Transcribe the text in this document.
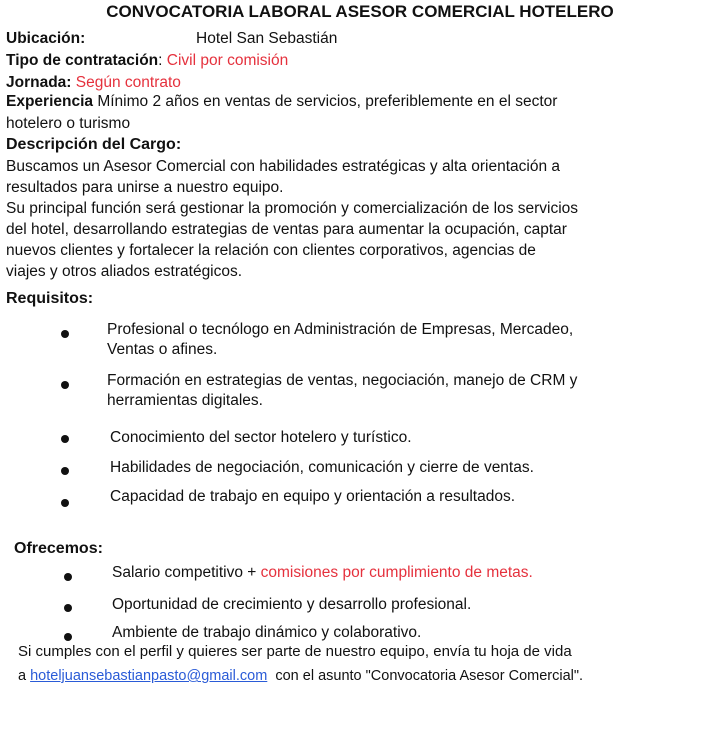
CONVOCATORIA LABORAL ASESOR COMERCIAL HOTELERO
Ubicación:	Hotel San Sebastián
Tipo de contratación: Civil por comisión
Jornada: Según contrato
Experiencia Mínimo 2 años en ventas de servicios, preferiblemente en el sector
hotelero o turismo
Descripción del Cargo:
Buscamos un Asesor Comercial con habilidades estratégicas y alta orientación a
resultados para unirse a nuestro equipo.
Su principal función será gestionar la promoción y comercialización de los servicios
del hotel, desarrollando estrategias de ventas para aumentar la ocupación, captar
nuevos clientes y fortalecer la relación con clientes corporativos, agencias de
viajes y otros aliados estratégicos.
Requisitos:
Profesional o tecnólogo en Administración de Empresas, Mercadeo,
Ventas o afines.
Formación en estrategias de ventas, negociación, manejo de CRM y
herramientas digitales.
Conocimiento del sector hotelero y turístico.
Habilidades de negociación, comunicación y cierre de ventas.
Capacidad de trabajo en equipo y orientación a resultados.
Ofrecemos:
Salario competitivo + comisiones por cumplimiento de metas.
Oportunidad de crecimiento y desarrollo profesional.
Ambiente de trabajo dinámico y colaborativo.
Si cumples con el perfil y quieres ser parte de nuestro equipo, envía tu hoja de vida
a hoteljuansebastianpasto@gmail.com  con el asunto "Convocatoria Asesor Comercial".
